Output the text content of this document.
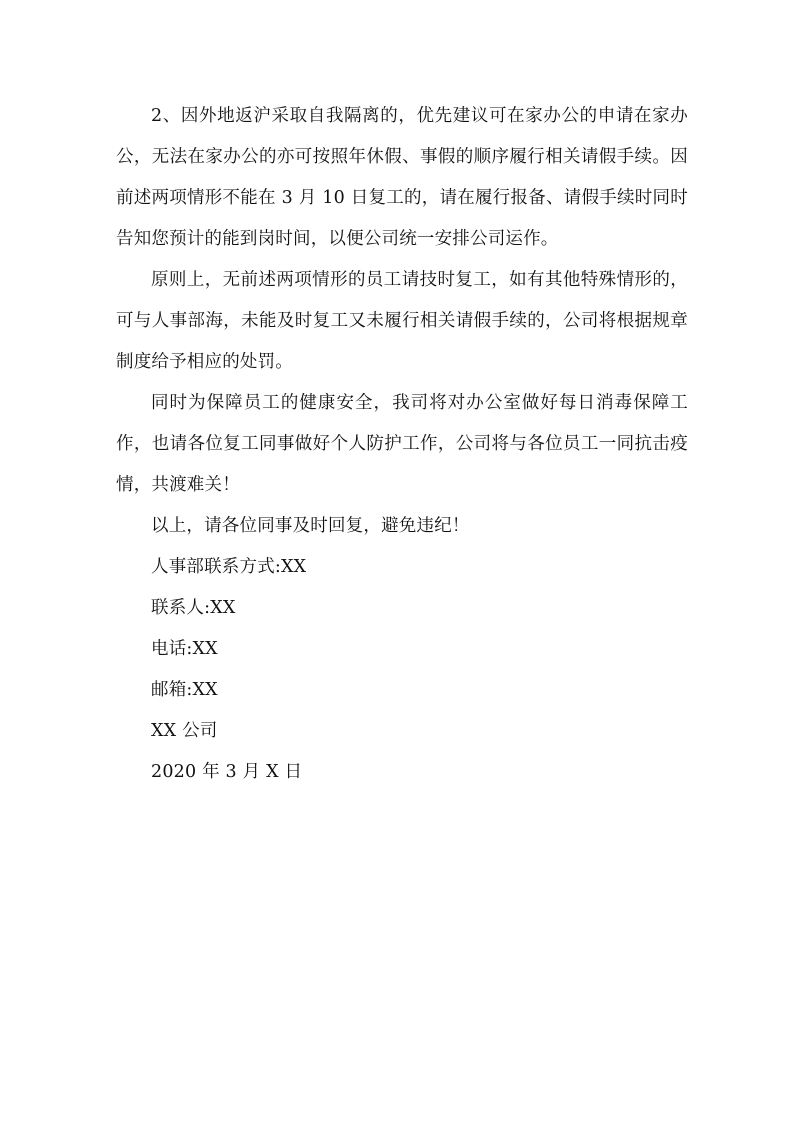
2、因外地返沪采取自我隔离的，优先建议可在家办公的申请在家办公，无法在家办公的亦可按照年休假、事假的顺序履行相关请假手续。因前述两项情形不能在 3 月 10 日复工的，请在履行报备、请假手续时同时告知您预计的能到岗时间，以便公司统一安排公司运作。

原则上，无前述两项情形的员工请技时复工，如有其他特殊情形的，可与人事部海，未能及时复工又未履行相关请假手续的，公司将根据规章制度给予相应的处罚。

同时为保障员工的健康安全，我司将对办公室做好每日消毒保障工作，也请各位复工同事做好个人防护工作，公司将与各位员工一同抗击疫情，共渡难关！

以上，请各位同事及时回复，避免违纪！

人事部联系方式:XX

联系人:XX

电话:XX

邮箱:XX

XX 公司

2020 年 3 月 X 日
